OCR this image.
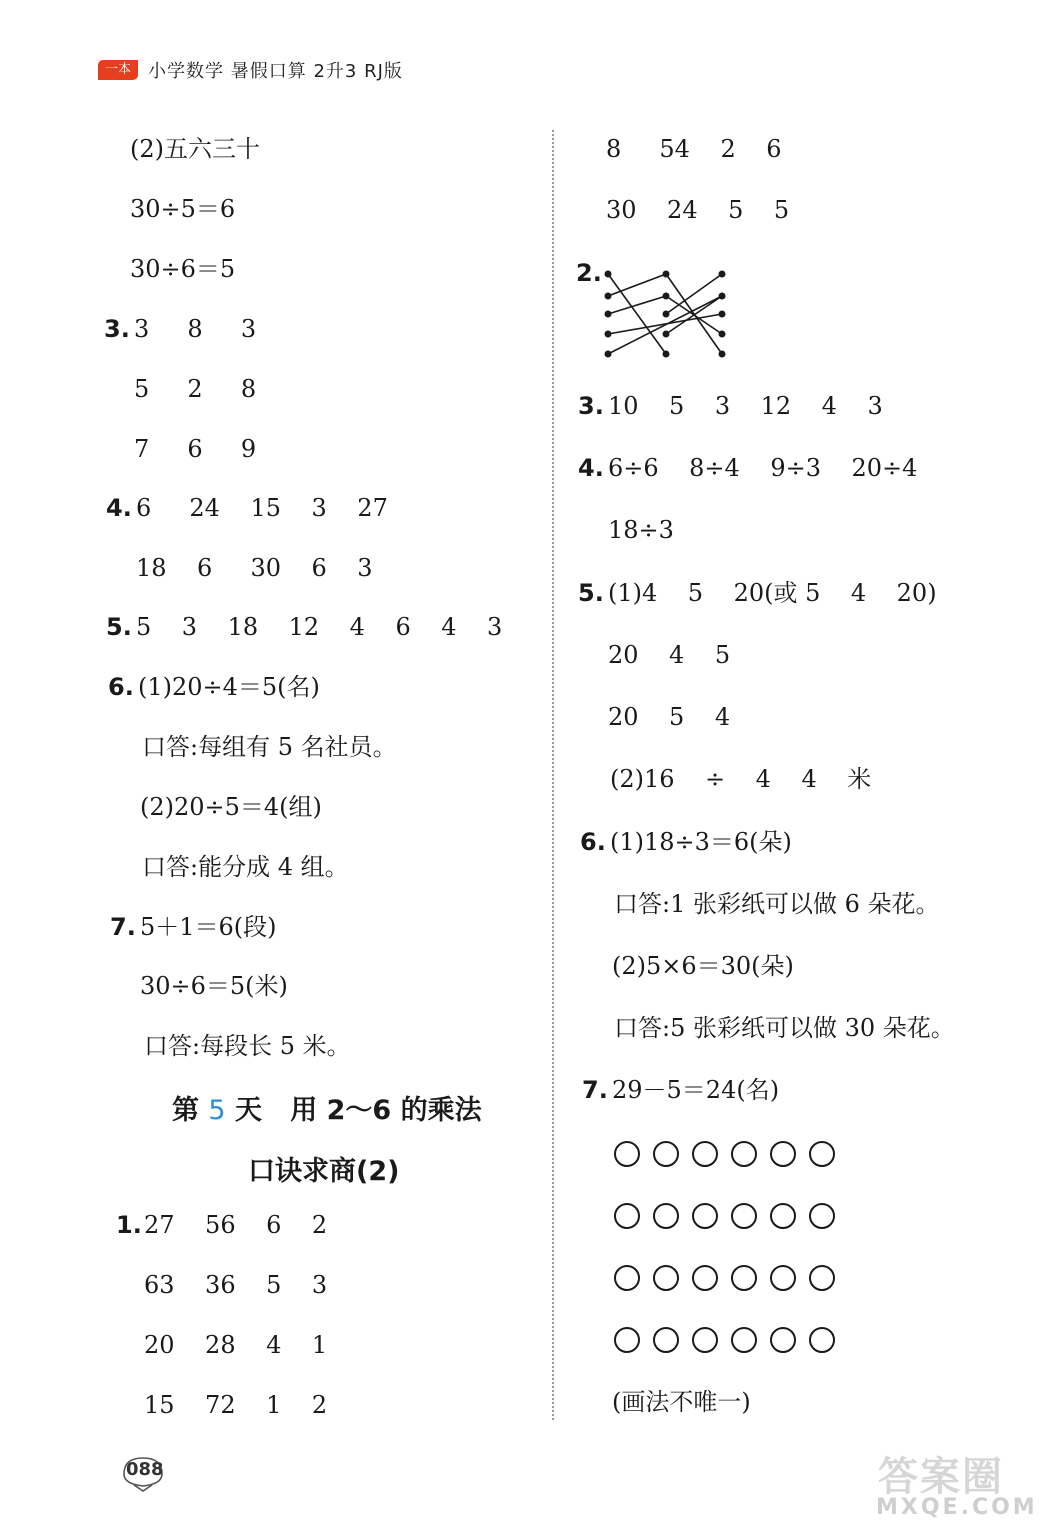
一本 小学数学 暑假口算 2升3 RJ版
(2)五六三十
30÷5＝6
30÷6＝5
3. 3     8     3
5     2     8
7     6     9
4. 6     24    15    3    27
18    6     30    6    3
5. 5    3    18    12    4    6    4    3
6. (1)20÷4＝5(名)
口答:每组有 5 名社员。
(2)20÷5＝4(组)
口答:能分成 4 组。
7. 5＋1＝6(段)
30÷6＝5(米)
口答:每段长 5 米。
第 5 天   用 2～6 的乘法
口诀求商(2)
1. 27    56    6    2
63    36    5    3
20    28    4    1
15    72    1    2
8     54    2    6
30    24    5    5
2.
3. 10    5    3    12    4    3
4. 6÷6    8÷4    9÷3    20÷4
18÷3
5. (1)4    5    20(或 5    4    20)
20    4    5
20    5    4
(2)16    ÷    4    4    米
6. (1)18÷3＝6(朵)
口答:1 张彩纸可以做 6 朵花。
(2)5×6＝30(朵)
口答:5 张彩纸可以做 30 朵花。
7. 29－5＝24(名)
(画法不唯一)
088	答案圈
MXQE.COM
